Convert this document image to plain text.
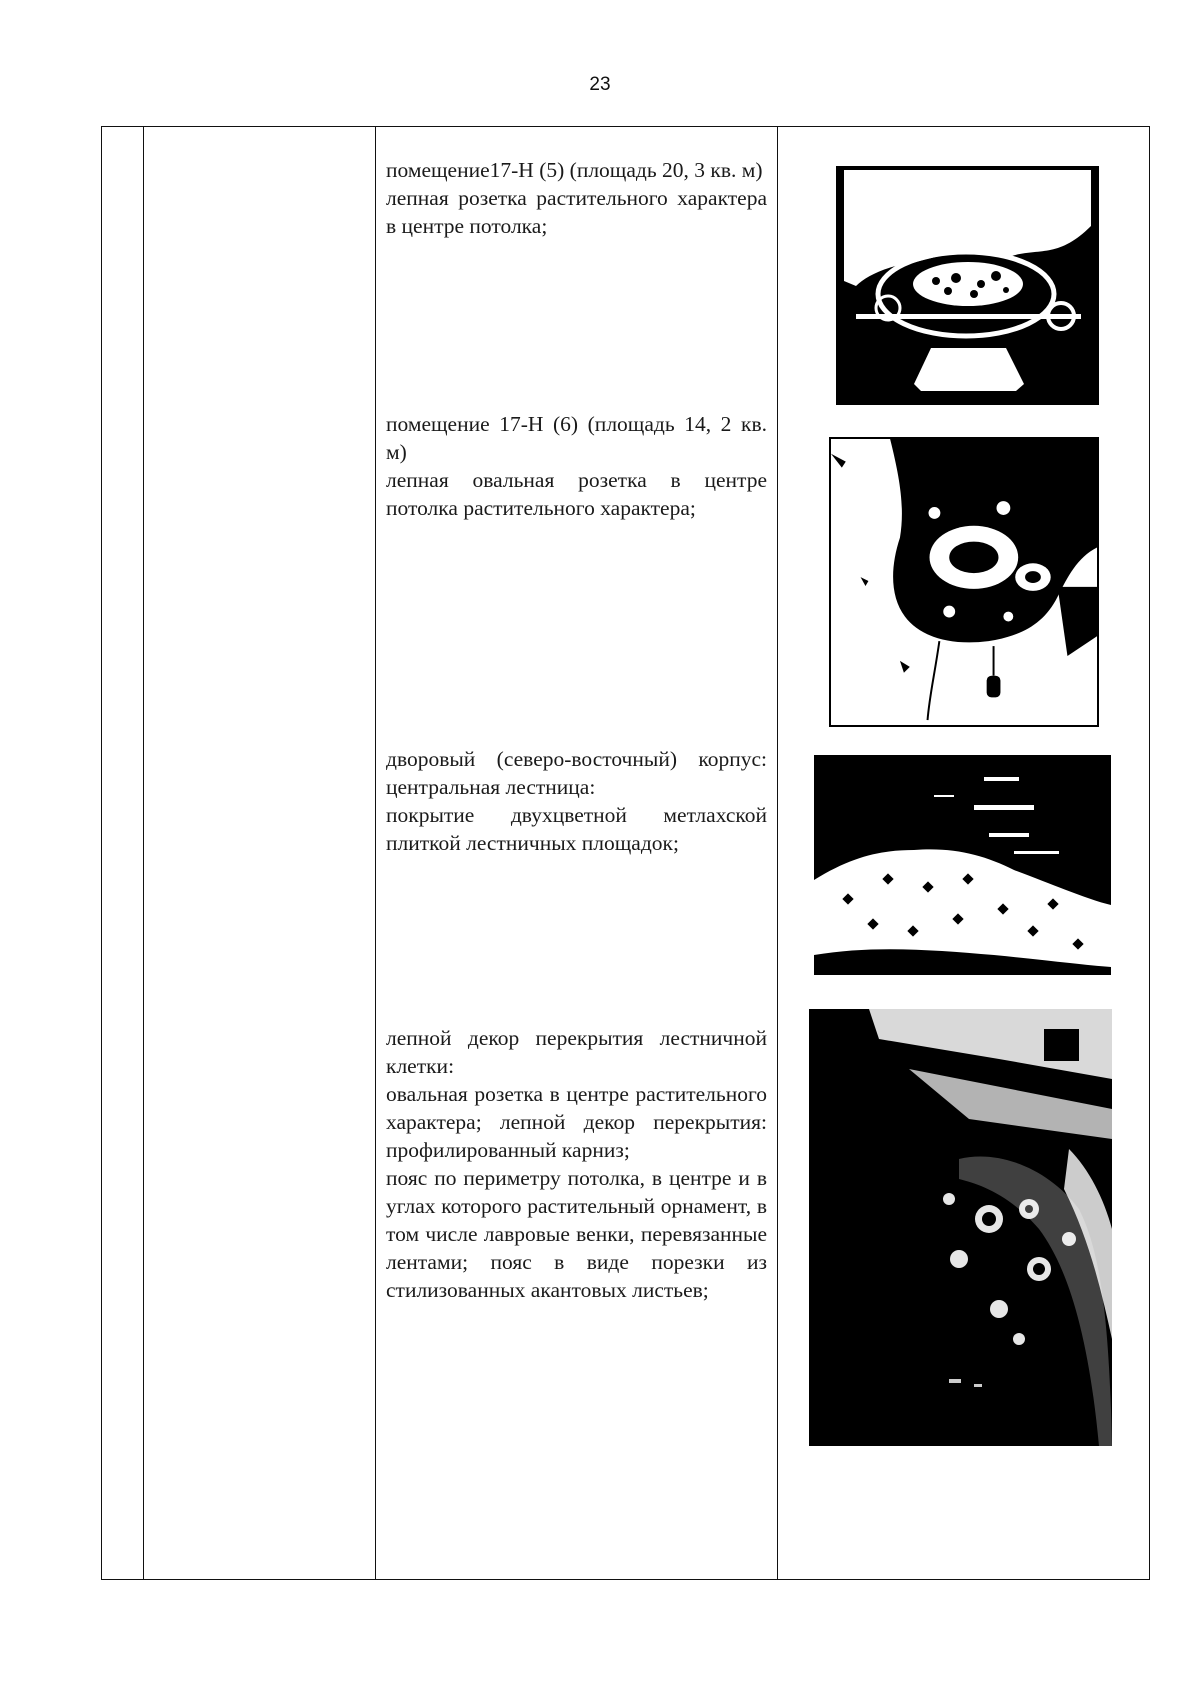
23

помещение17-Н (5) (площадь 20, 3 кв. м)

лепная розетка растительного характера в центре потолка;

помещение 17-Н (6) (площадь 14, 2 кв. м)

лепная овальная розетка в центре потолка растительного характера;

дворовый (северо-восточный) корпус: центральная лестница:

покрытие двухцветной метлахской плиткой лестничных площадок;

лепной декор перекрытия лестничной клетки:

овальная розетка в центре растительного характера; лепной декор перекрытия: профилированный карниз;

пояс по периметру потолка, в центре и в углах которого растительный орнамент, в том числе лавровые венки, перевязанные лентами; пояс в виде порезки из стилизованных акантовых листьев;
